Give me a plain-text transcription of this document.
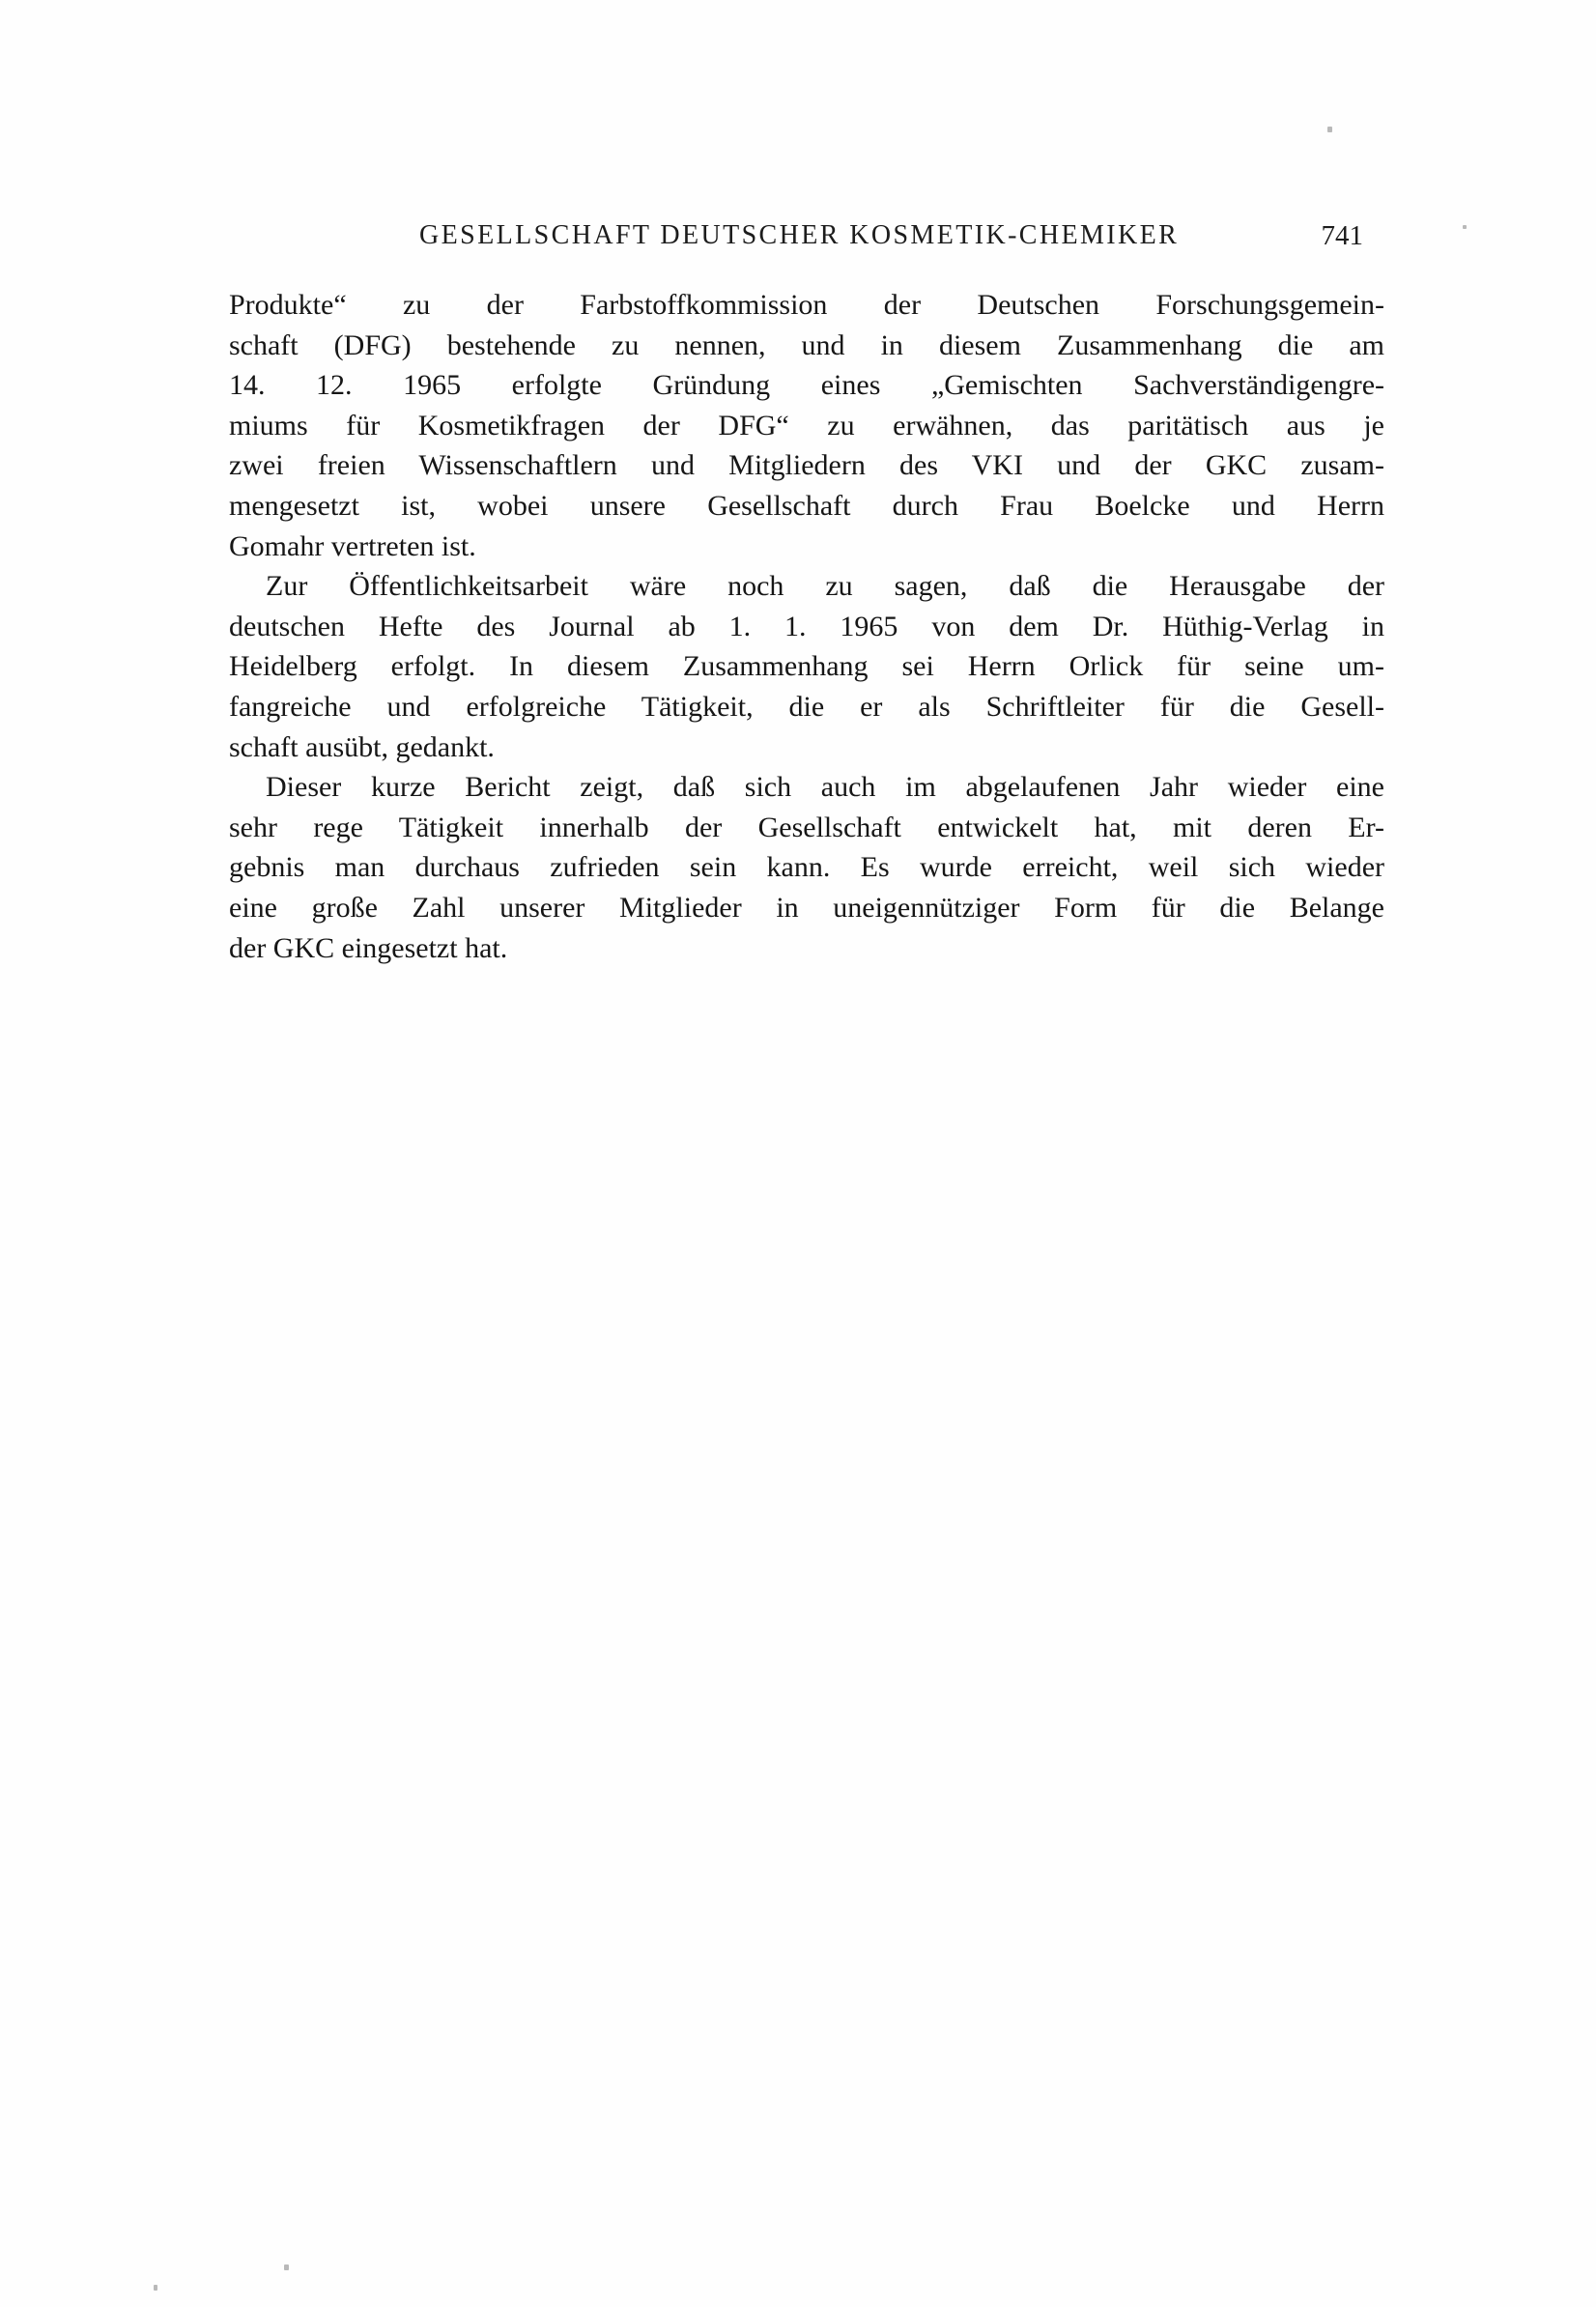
GESELLSCHAFT DEUTSCHER KOSMETIK-CHEMIKER	741
Produkte“ zu der Farbstoffkommission der Deutschen Forschungsgemein-
schaft (DFG) bestehende zu nennen, und in diesem Zusammenhang die am
14. 12. 1965 erfolgte Gründung eines „Gemischten Sachverständigengre-
miums für Kosmetikfragen der DFG“ zu erwähnen, das paritätisch aus je
zwei freien Wissenschaftlern und Mitgliedern des VKI und der GKC zusam-
mengesetzt ist, wobei unsere Gesellschaft durch Frau Boelcke und Herrn
Gomahr vertreten ist.
Zur Öffentlichkeitsarbeit wäre noch zu sagen, daß die Herausgabe der
deutschen Hefte des Journal ab 1. 1. 1965 von dem Dr. Hüthig-Verlag in
Heidelberg erfolgt. In diesem Zusammenhang sei Herrn Orlick für seine um-
fangreiche und erfolgreiche Tätigkeit, die er als Schriftleiter für die Gesell-
schaft ausübt, gedankt.
Dieser kurze Bericht zeigt, daß sich auch im abgelaufenen Jahr wieder eine
sehr rege Tätigkeit innerhalb der Gesellschaft entwickelt hat, mit deren Er-
gebnis man durchaus zufrieden sein kann. Es wurde erreicht, weil sich wieder
eine große Zahl unserer Mitglieder in uneigennütziger Form für die Belange
der GKC eingesetzt hat.
